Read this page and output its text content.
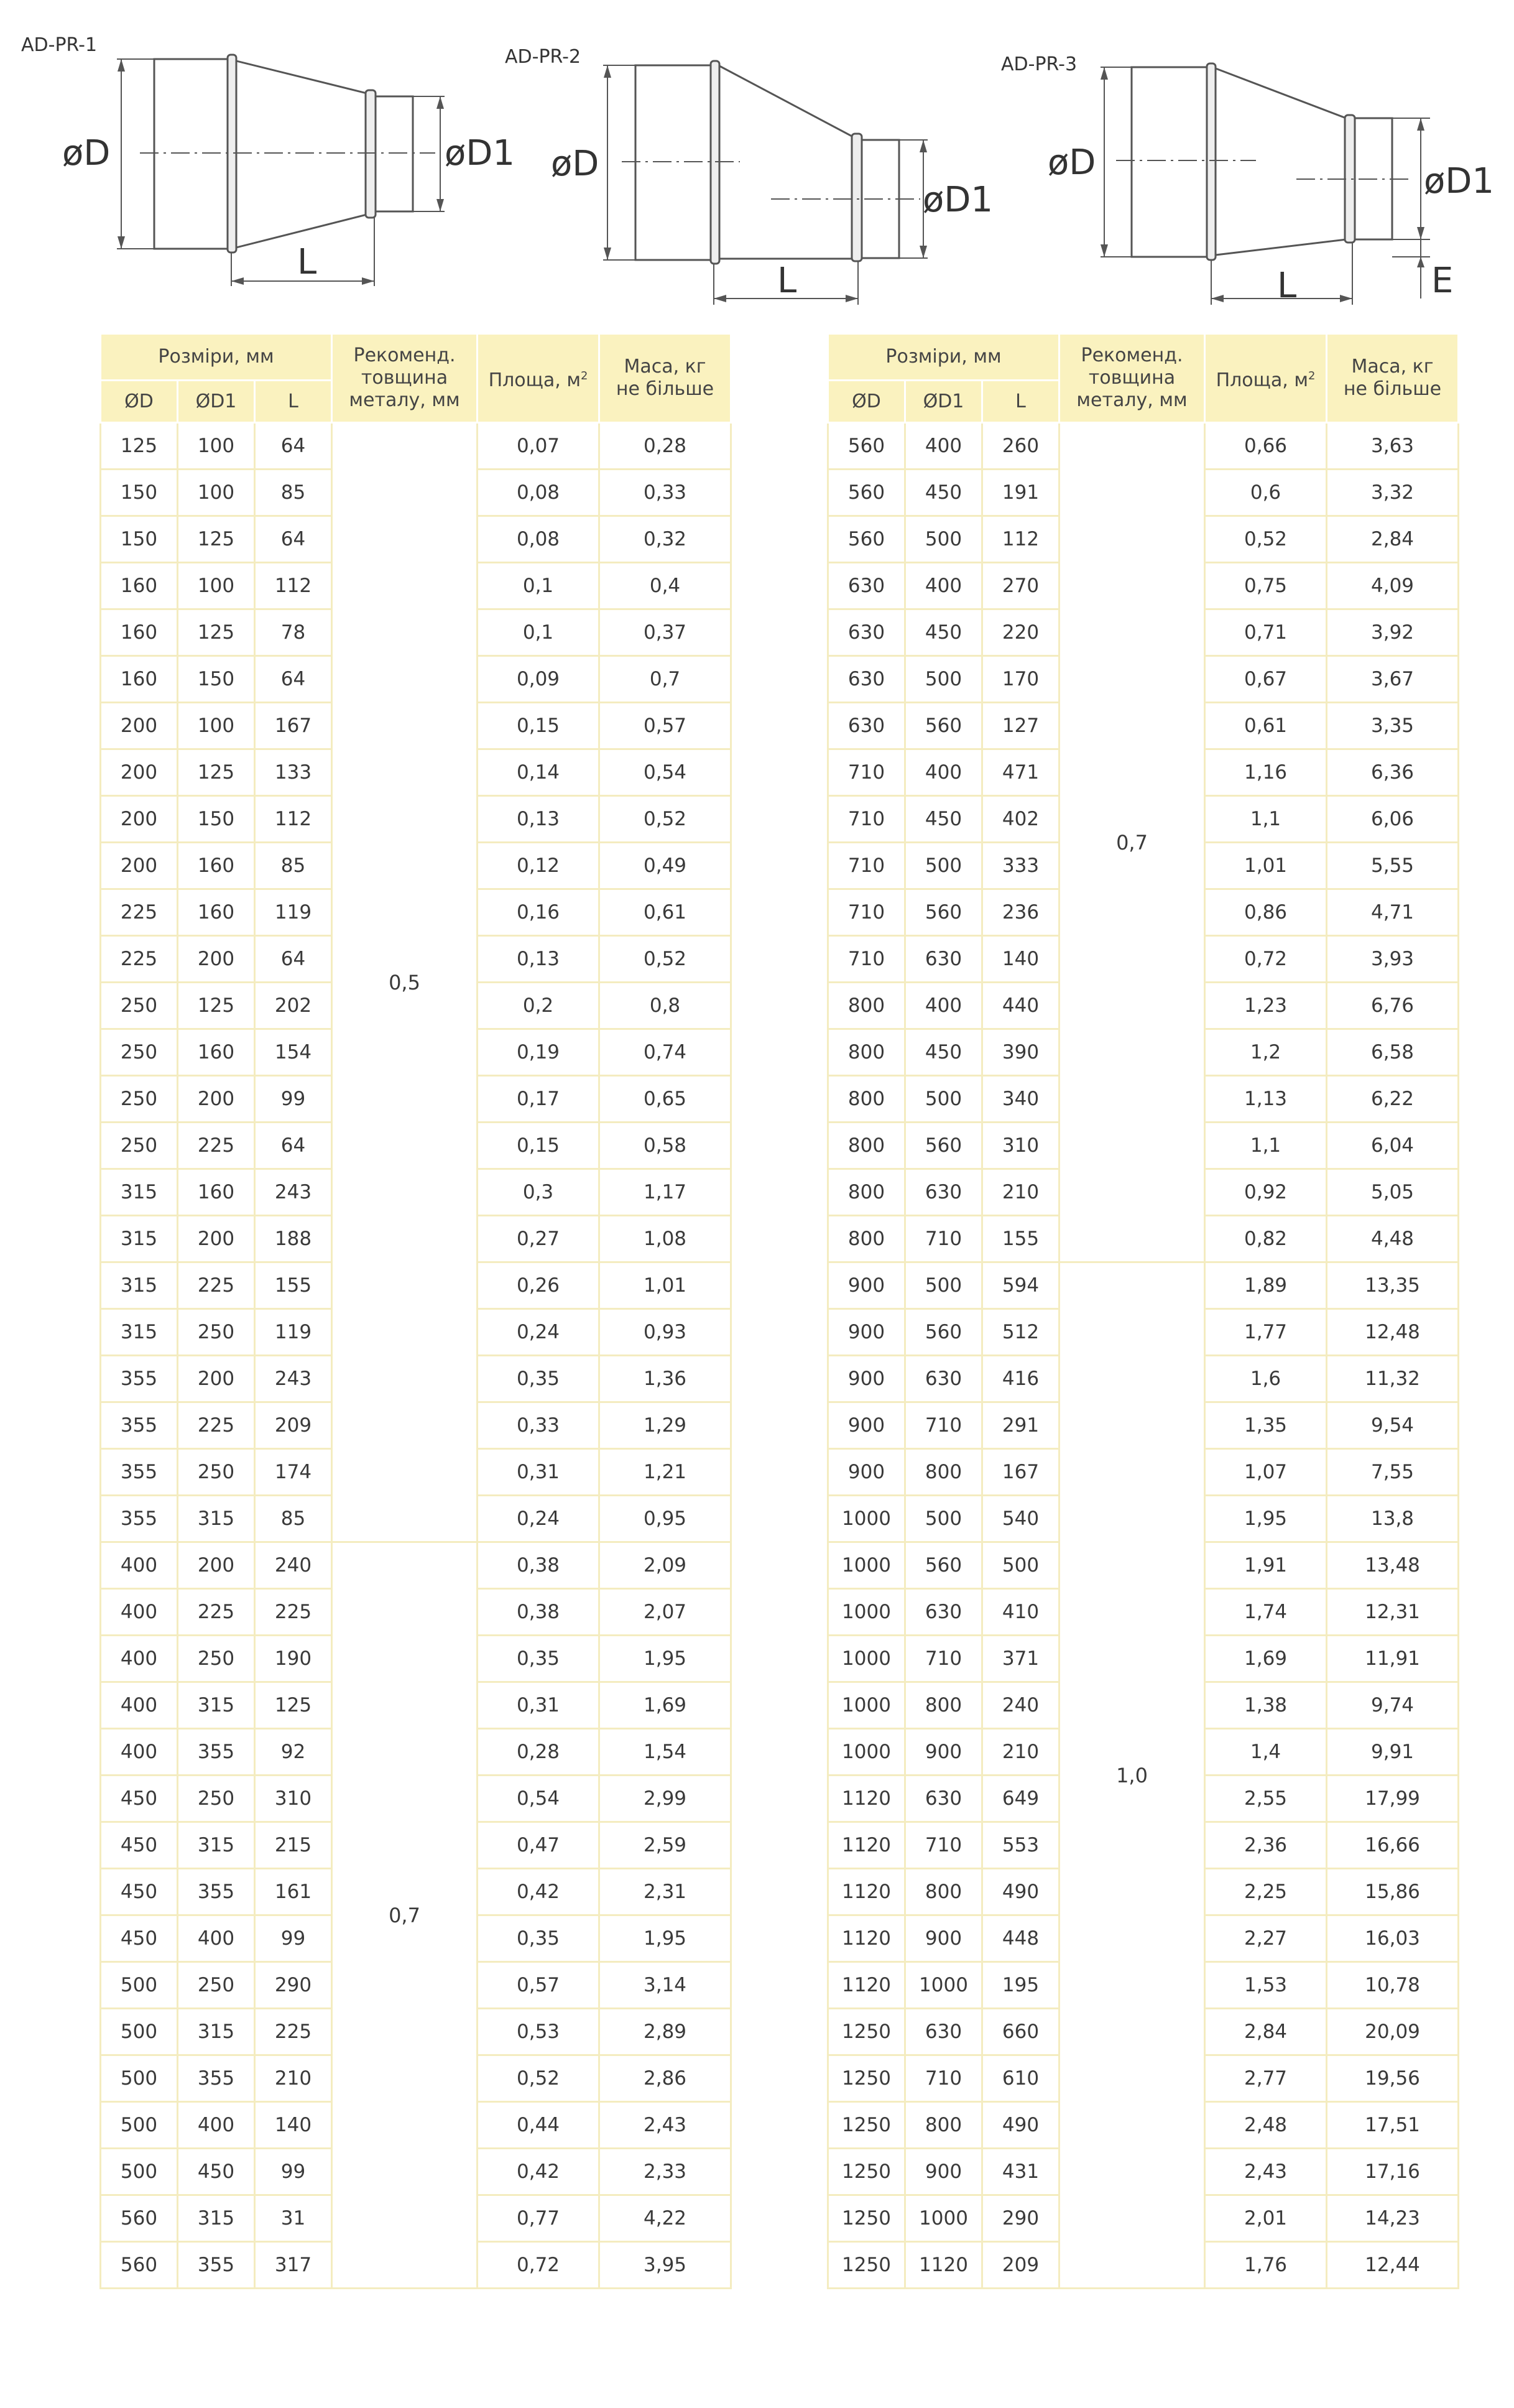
AD-PR-1
AD-PR-2	AD-PR-3
øD	øD1
L
øD
øD1
L
øD	øD1
L	E
Розміри, мм			Рекоменд.
товщина
металу, мм	Площа, $м^2$	Маса, кг
не більше
ØD	ØD1	L			
125	100	64	0,5	0,07	0,28
150	100	85		0,08	0,33
150	125	64		0,08	0,32
160	100	112		0,1	0,4
160	125	78		0,1	0,37
160	150	64		0,09	0,7
200	100	167		0,15	0,57
200	125	133		0,14	0,54
200	150	112		0,13	0,52
200	160	85		0,12	0,49
225	160	119		0,16	0,61
225	200	64		0,13	0,52
250	125	202		0,2	0,8
250	160	154		0,19	0,74
250	200	99		0,17	0,65
250	225	64		0,15	0,58
315	160	243		0,3	1,17
315	200	188		0,27	1,08
315	225	155		0,26	1,01
315	250	119		0,24	0,93
355	200	243		0,35	1,36
355	225	209		0,33	1,29
355	250	174		0,31	1,21
355	315	85		0,24	0,95
400	200	240	0,7	0,38	2,09
400	225	225		0,38	2,07
400	250	190		0,35	1,95
400	315	125		0,31	1,69
400	355	92		0,28	1,54
450	250	310		0,54	2,99
450	315	215		0,47	2,59
450	355	161		0,42	2,31
450	400	99		0,35	1,95
500	250	290		0,57	3,14
500	315	225		0,53	2,89
500	355	210		0,52	2,86
500	400	140		0,44	2,43
500	450	99		0,42	2,33
560	315	31		0,77	4,22
560	355	317		0,72	3,95
Розміри, мм			Рекоменд.
товщина
металу, мм	Площа, $м^2$	Маса, кг
не більше
ØD	ØD1	L			
560	400	260	0,7	0,66	3,63
560	450	191		0,6	3,32
560	500	112		0,52	2,84
630	400	270		0,75	4,09
630	450	220		0,71	3,92
630	500	170		0,67	3,67
630	560	127		0,61	3,35
710	400	471		1,16	6,36
710	450	402		1,1	6,06
710	500	333		1,01	5,55
710	560	236		0,86	4,71
710	630	140		0,72	3,93
800	400	440		1,23	6,76
800	450	390		1,2	6,58
800	500	340		1,13	6,22
800	560	310		1,1	6,04
800	630	210		0,92	5,05
800	710	155		0,82	4,48
900	500	594	1,0	1,89	13,35
900	560	512		1,77	12,48
900	630	416		1,6	11,32
900	710	291		1,35	9,54
900	800	167		1,07	7,55
1000	500	540		1,95	13,8
1000	560	500		1,91	13,48
1000	630	410		1,74	12,31
1000	710	371		1,69	11,91
1000	800	240		1,38	9,74
1000	900	210		1,4	9,91
1120	630	649		2,55	17,99
1120	710	553		2,36	16,66
1120	800	490		2,25	15,86
1120	900	448		2,27	16,03
1120	1000	195		1,53	10,78
1250	630	660		2,84	20,09
1250	710	610		2,77	19,56
1250	800	490		2,48	17,51
1250	900	431		2,43	17,16
1250	1000	290		2,01	14,23
1250	1120	209		1,76	12,44
